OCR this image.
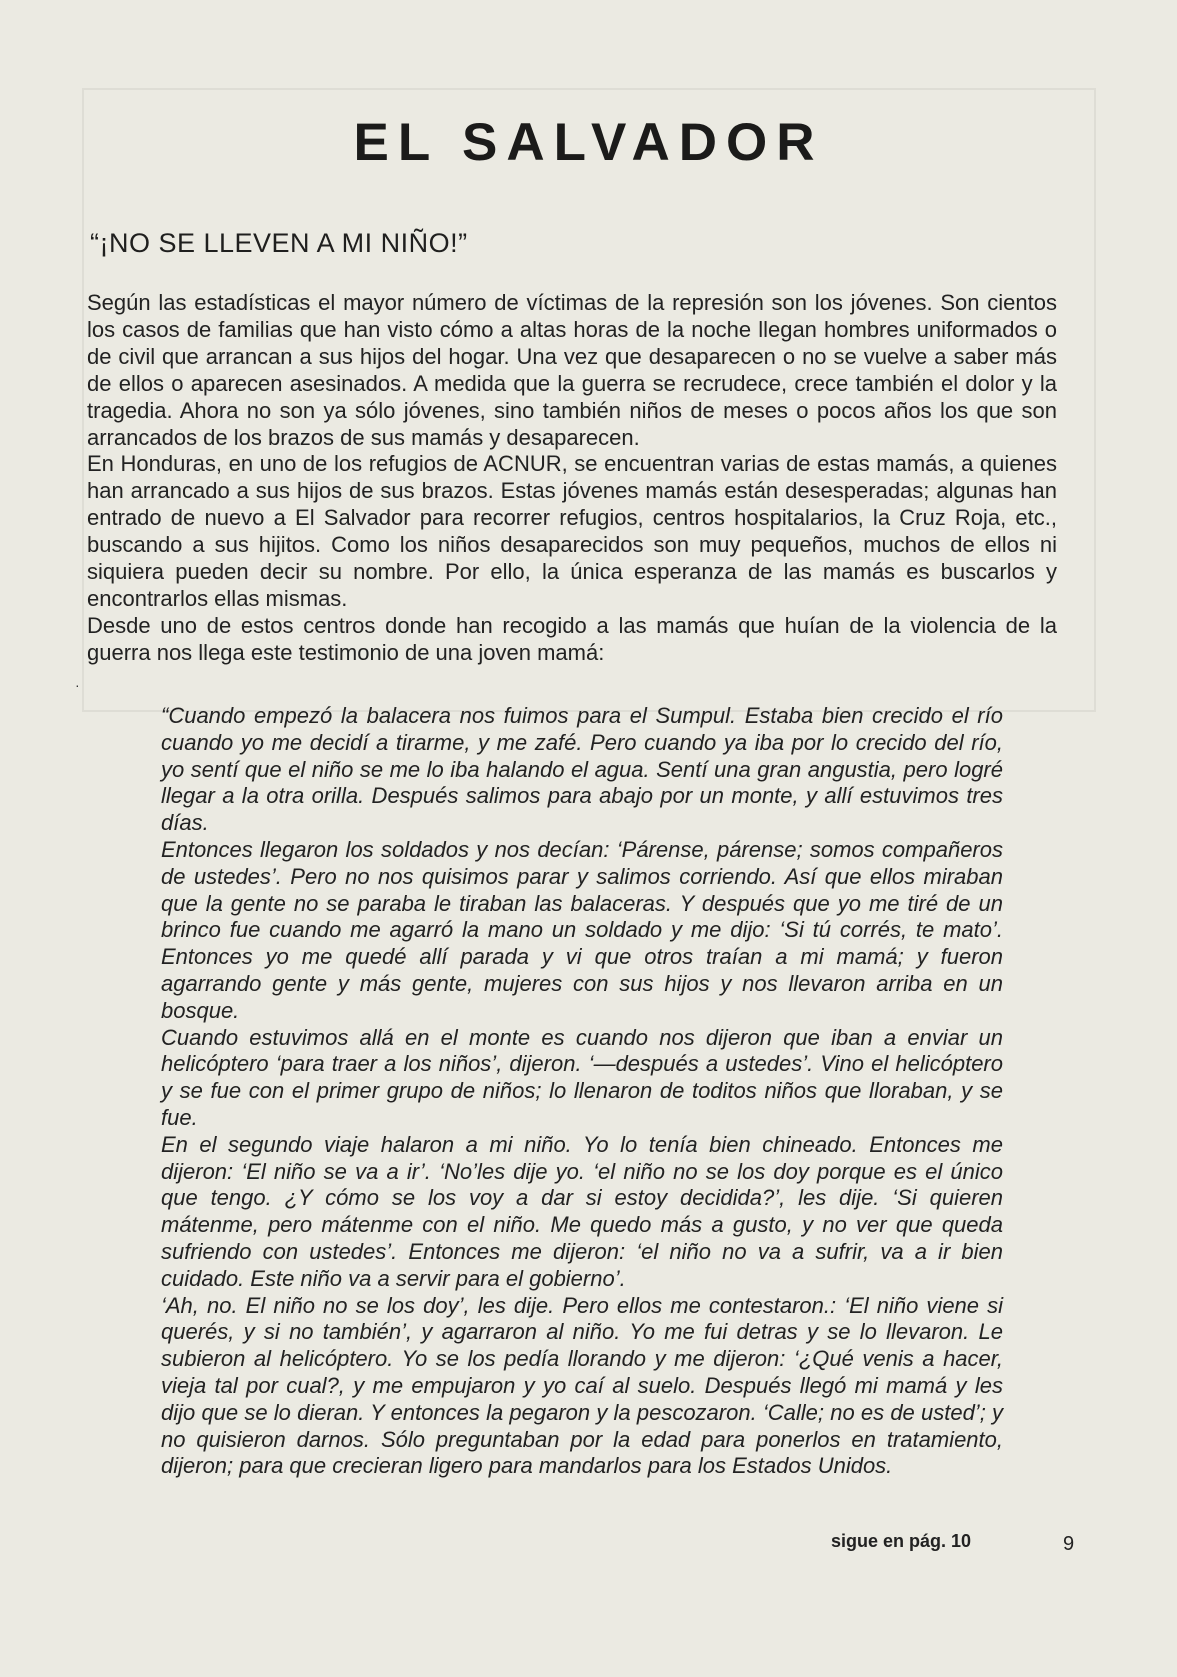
EL SALVADOR
“¡NO SE LLEVEN A MI NIÑO!”

Según las estadísticas el mayor número de víctimas de la represión son los jóvenes. Son cientos los casos de familias que han visto cómo a altas horas de la noche llegan hombres uniformados o de civil que arrancan a sus hijos del hogar. Una vez que desaparecen o no se vuelve a saber más de ellos o aparecen asesinados. A medida que la guerra se recrudece, crece también el dolor y la tragedia. Ahora no son ya sólo jóvenes, sino también niños de meses o pocos años los que son arrancados de los brazos de sus mamás y desaparecen.

En Honduras, en uno de los refugios de ACNUR, se encuentran varias de estas mamás, a quienes han arrancado a sus hijos de sus brazos. Estas jóvenes mamás están desesperadas; algunas han entrado de nuevo a El Salvador para recorrer refugios, centros hospitalarios, la Cruz Roja, etc., buscando a sus hijitos. Como los niños desaparecidos son muy pequeños, muchos de ellos ni siquiera pueden decir su nombre. Por ello, la única esperanza de las mamás es buscarlos y encontrarlos ellas mismas.

Desde uno de estos centros donde han recogido a las mamás que huían de la violencia de la guerra nos llega este testimonio de una joven mamá:

·

“Cuando empezó la balacera nos fuimos para el Sumpul. Estaba bien crecido el río cuando yo me decidí a tirarme, y me zafé. Pero cuando ya iba por lo crecido del río, yo sentí que el niño se me lo iba halando el agua. Sentí una gran angustia, pero logré llegar a la otra orilla. Después salimos para abajo por un monte, y allí estuvimos tres días.

Entonces llegaron los soldados y nos decían: ‘Párense, párense; somos compañeros de ustedes’. Pero no nos quisimos parar y salimos corriendo. Así que ellos miraban que la gente no se paraba le tiraban las balaceras. Y después que yo me tiré de un brinco fue cuando me agarró la mano un soldado y me dijo: ‘Si tú corrés, te mato’. Entonces yo me quedé allí parada y vi que otros traían a mi mamá; y fueron agarrando gente y más gente, mujeres con sus hijos y nos llevaron arriba en un bosque.

Cuando estuvimos allá en el monte es cuando nos dijeron que iban a enviar un helicóptero ‘para traer a los niños’, dijeron. ‘—después a ustedes’. Vino el helicóptero y se fue con el primer grupo de niños; lo llenaron de toditos niños que lloraban, y se fue.

En el segundo viaje halaron a mi niño. Yo lo tenía bien chineado. Entonces me dijeron: ‘El niño se va a ir’. ‘No’les dije yo. ‘el niño no se los doy porque es el único que tengo. ¿Y cómo se los voy a dar si estoy decidida?’, les dije. ‘Si quieren mátenme, pero mátenme con el niño. Me quedo más a gusto, y no ver que queda sufriendo con ustedes’. Entonces me dijeron: ‘el niño no va a sufrir, va a ir bien cuidado. Este niño va a servir para el gobierno’.

‘Ah, no. El niño no se los doy’, les dije. Pero ellos me contestaron.: ‘El niño viene si querés, y si no también’, y agarraron al niño. Yo me fui detras y se lo llevaron. Le subieron al helicóptero. Yo se los pedía llorando y me dijeron: ‘¿Qué venis a hacer, vieja tal por cual?, y me empujaron y yo caí al suelo. Después llegó mi mamá y les dijo que se lo dieran. Y entonces la pegaron y la pescozaron. ‘Calle; no es de usted’; y no quisieron darnos. Sólo preguntaban por la edad para ponerlos en tratamiento, dijeron; para que crecieran ligero para mandarlos para los Estados Unidos.

sigue en pág. 10	9
